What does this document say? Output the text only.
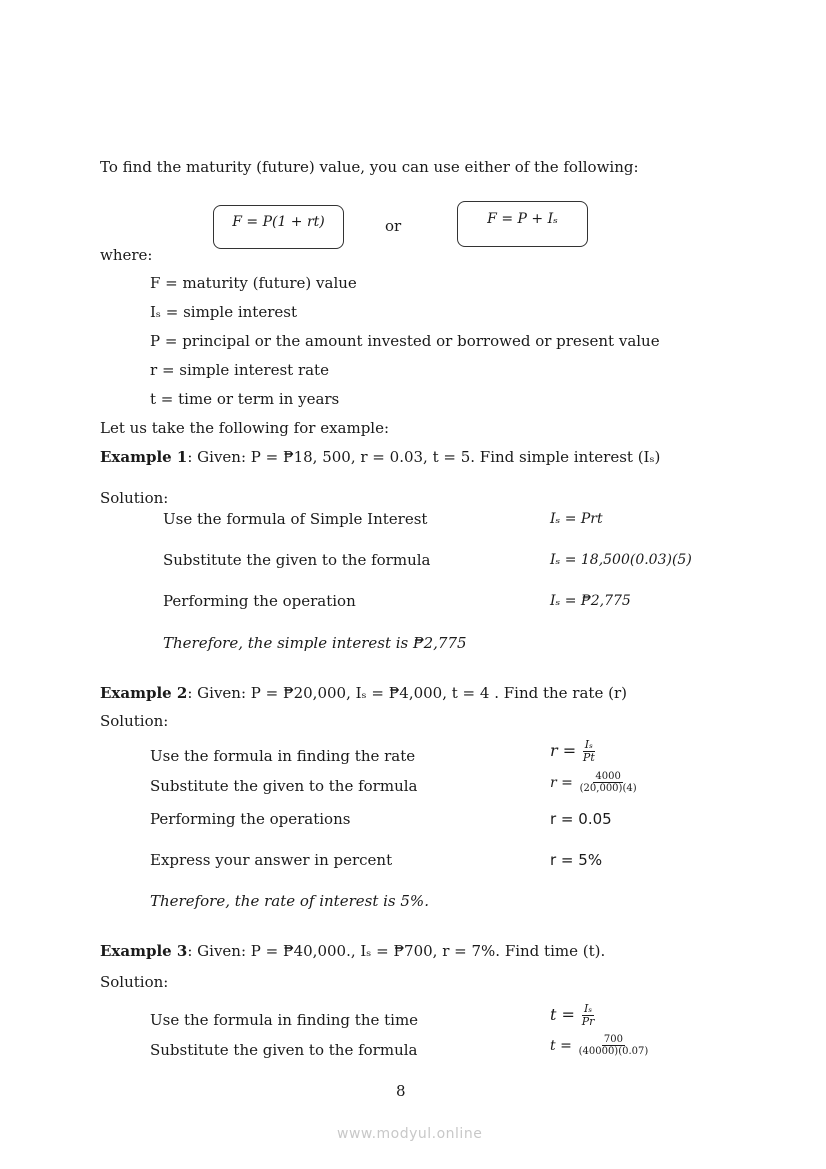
To find the maturity (future) value, you can use either of the following:
F = P(1 + rt)	or	F = P + Iₛ
where:
F = maturity (future) value
Iₛ = simple interest
P = principal or the amount invested or borrowed or present value
r = simple interest rate
t = time or term in years
Let us take the following for example:
Example 1: Given: P = ₱18, 500, r = 0.03, t = 5. Find simple interest (Iₛ)
Solution:
Use the formula of Simple Interest	Iₛ = Prt
Substitute the given to the formula	Iₛ = 18,500(0.03)(5)
Performing the operation	Iₛ = ₱2,775
Therefore, the simple interest is ₱2,775
Example 2: Given: P = ₱20,000, Iₛ = ₱4,000, t = 4 . Find the rate (r)
Solution:
Use the formula in finding the rate	$r = \frac{\text{Iₛ}}{Pt}$
Substitute the given to the formula	$r = \frac{4000}{(20,000)(4)}$
Performing the operations	r = 0.05
Express your answer in percent	r = 5%
Therefore, the rate of interest is 5%.
Example 3: Given: P = ₱40,000., Iₛ = ₱700, r = 7%. Find time (t).
Solution:
Use the formula in finding the time	$t = \frac{\text{Iₛ}}{Pr}$
Substitute the given to the formula	$t = \frac{700}{(40000)(0.07)}$
8
www.modyul.online
